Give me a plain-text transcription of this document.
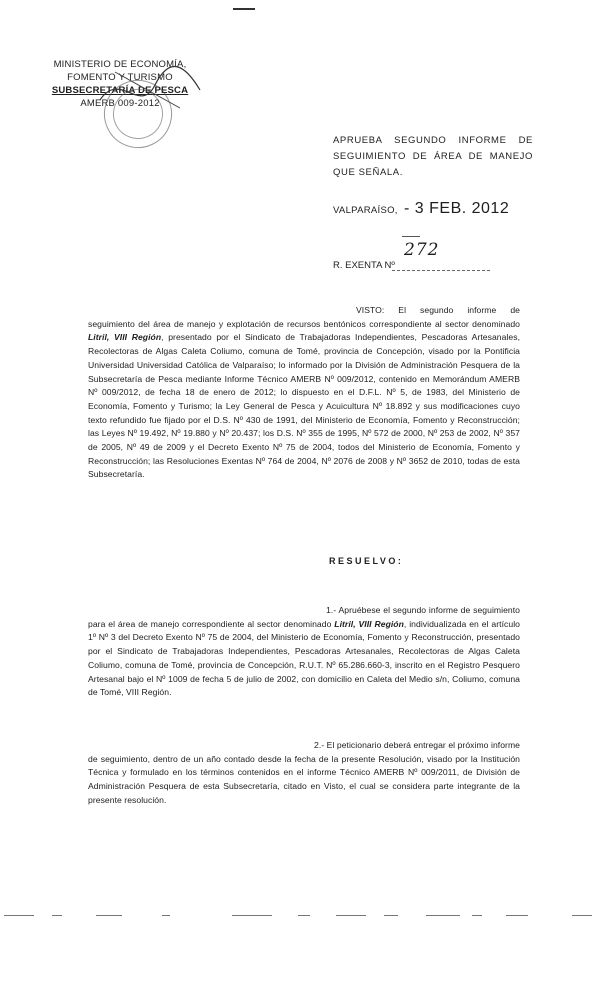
MINISTERIO DE ECONOMÍA,
FOMENTO Y TURISMO
SUBSECRETARÍA DE PESCA
AMERB 009-2012
APRUEBA SEGUNDO INFORME DE SEGUIMIENTO DE ÁREA DE MANEJO QUE SEÑALA.
VALPARAÍSO, - 3 FEB. 2012
272
R. EXENTA Nº
VISTO: El segundo informe de seguimiento del área de manejo y explotación de recursos bentónicos correspondiente al sector denominado Litril, VIII Región, presentado por el Sindicato de Trabajadoras Independientes, Pescadoras Artesanales, Recolectoras de Algas Caleta Coliumo, comuna de Tomé, provincia de Concepción, visado por la Pontificia Universidad Universidad Católica de Valparaíso; lo informado por la División de Administración Pesquera de la Subsecretaría de Pesca mediante Informe Técnico AMERB Nº 009/2012, contenido en Memorándum AMERB Nº 009/2012, de fecha 18 de enero de 2012; lo dispuesto en el D.F.L. Nº 5, de 1983, del Ministerio de Economía, Fomento y Turismo; la Ley General de Pesca y Acuicultura Nº 18.892 y sus modificaciones cuyo texto refundido fue fijado por el D.S. Nº 430 de 1991, del Ministerio de Economía, Fomento y Reconstrucción; las Leyes Nº 19.492, Nº 19.880 y Nº 20.437; los D.S. Nº 355 de 1995, Nº 572 de 2000, Nº 253 de 2002, Nº 357 de 2005, Nº 49 de 2009 y el Decreto Exento Nº 75 de 2004, todos del Ministerio de Economía, Fomento y Reconstrucción; las Resoluciones Exentas Nº 764 de 2004, Nº 2076 de 2008 y Nº 3652 de 2010, todas de esta Subsecretaría.
RESUELVO:
1.- Apruébese el segundo informe de seguimiento para el área de manejo correspondiente al sector denominado Litril, VIII Región, individualizada en el artículo 1º Nº 3 del Decreto Exento Nº 75 de 2004, del Ministerio de Economía, Fomento y Reconstrucción, presentado por el Sindicato de Trabajadoras Independientes, Pescadoras Artesanales, Recolectoras de Algas Caleta Coliumo, comuna de Tomé, provincia de Concepción, R.U.T. Nº 65.286.660-3, inscrito en el Registro Pesquero Artesanal bajo el Nº 1009 de fecha 5 de julio de 2002, con domicilio en Caleta del Medio s/n, Coliumo, comuna de Tomé, VIII Región.
2.- El peticionario deberá entregar el próximo informe de seguimiento, dentro de un año contado desde la fecha de la presente Resolución, visado por la Institución Técnica y formulado en los términos contenidos en el informe Técnico AMERB Nº 009/2011, de División de Administración Pesquera de esta Subsecretaría, citado en Visto, el cual se considera parte integrante de la presente resolución.
